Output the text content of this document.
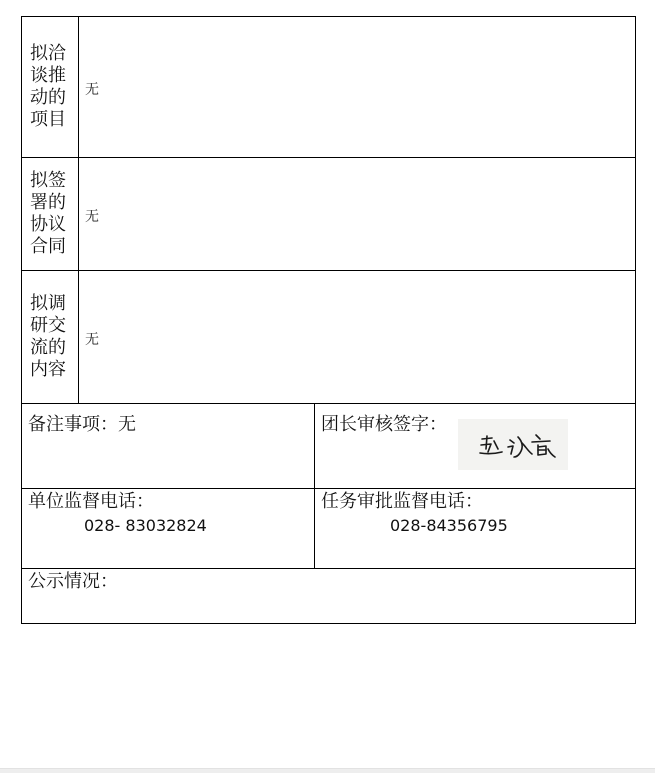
拟洽谈推动的项目
无
拟签署的协议合同
无
拟调研交流的内容
无
备注事项：无	团长审核签字：
单位监督电话：
028- 83032824
任务审批监督电话：
028-84356795
公示情况：
